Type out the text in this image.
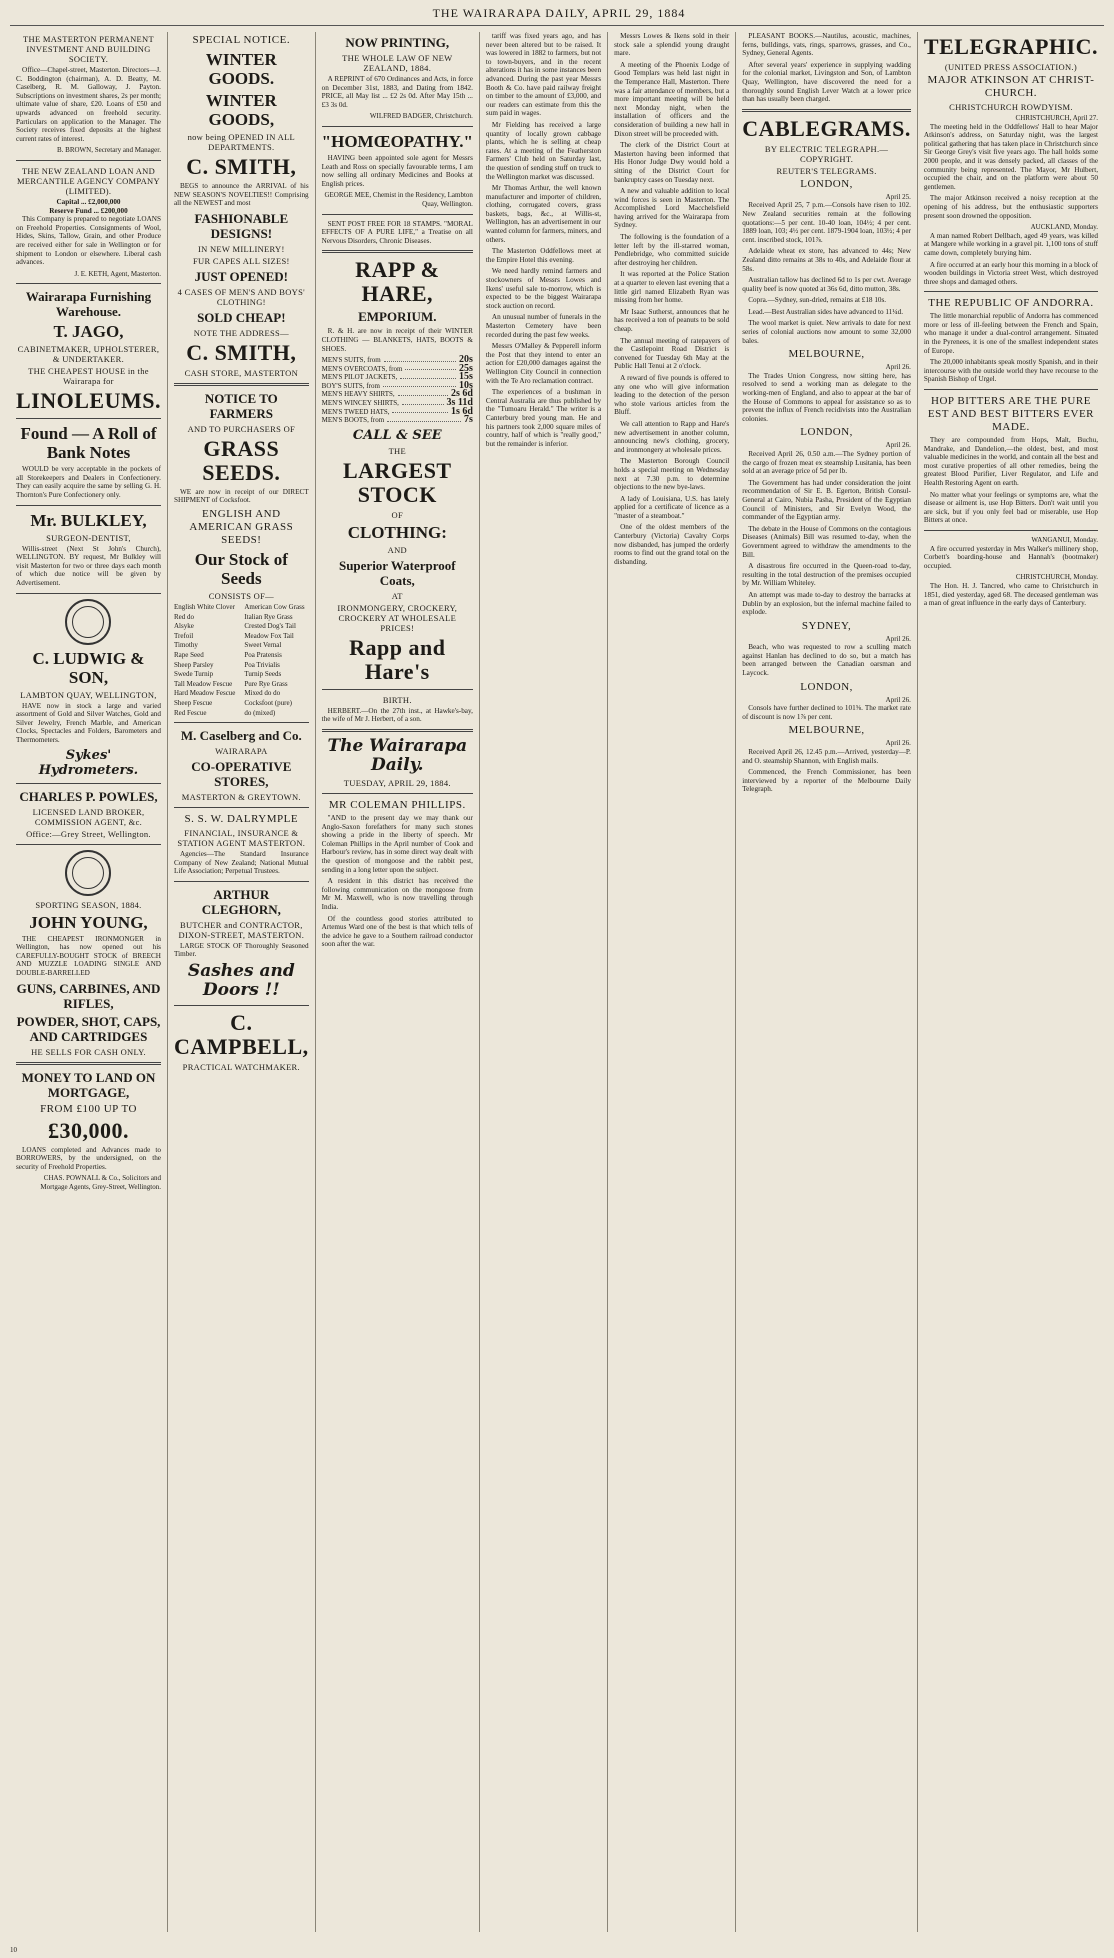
THE WAIRARAPA DAILY, APRIL 29, 1884
THE MASTERTON PERMANENT INVESTMENT AND BUILDING SOCIETY.

Office—Chapel-street, Masterton. Directors—J. C. Boddington (chairman), A. D. Beatty, M. Caselberg, R. M. Galloway, J. Payton. Subscriptions on investment shares, 2s per month; ultimate value of share, £20. Loans of £50 and upwards advanced on freehold security. Particulars on application to the Manager. The Society receives fixed deposits at the highest current rates of interest.

B. BROWN, Secretary and Manager.
THE NEW ZEALAND LOAN AND MERCANTILE AGENCY COMPANY (LIMITED).
Capital ... £2,000,000
Reserve Fund ... £200,000

This Company is prepared to negotiate LOANS on Freehold Properties. Consignments of Wool, Hides, Skins, Tallow, Grain, and other Produce are received either for sale in Wellington or for shipment to London or elsewhere. Liberal cash advances.

J. E. KETH, Agent, Masterton.
Wairarapa Furnishing Warehouse.
T. JAGO,
CABINETMAKER, UPHOLSTERER, & UNDERTAKER.
THE CHEAPEST HOUSE in the Wairarapa for
LINOLEUMS.
Found — A Roll of Bank Notes

WOULD be very acceptable in the pockets of all Storekeepers and Dealers in Confectionery. They can easily acquire the same by selling G. H. Thornton's Pure Confectionery only.

Mr. BULKLEY,
SURGEON-DENTIST,

Willis-street (Next St John's Church), WELLINGTON. BY request, Mr Bulkley will visit Masterton for two or three days each month of which due notice will be given by Advertisement.

C. LUDWIG & SON,
LAMBTON QUAY, WELLINGTON,

HAVE now in stock a large and varied assortment of Gold and Silver Watches, Gold and Silver Jewelry, French Marble, and American Clocks, Spectacles and Folders, Barometers and Thermometers.

Sykes' Hydrometers.
CHARLES P. POWLES,
LICENSED LAND BROKER, COMMISSION AGENT, &c.
Office:—Grey Street, Wellington.
SPORTING SEASON, 1884.
JOHN YOUNG,

THE CHEAPEST IRONMONGER in Wellington, has now opened out his CAREFULLY-BOUGHT STOCK of BREECH AND MUZZLE LOADING SINGLE AND DOUBLE-BARRELLED

GUNS, CARBINES, AND RIFLES,
POWDER, SHOT, CAPS, AND CARTRIDGES
HE SELLS FOR CASH ONLY.
MONEY TO LAND ON MORTGAGE,
FROM £100 UP TO
£30,000.

LOANS completed and Advances made to BORROWERS, by the undersigned, on the security of Freehold Properties.

CHAS. POWNALL & Co., Solicitors and Mortgage Agents, Grey-Street, Wellington.
SPECIAL NOTICE.
WINTER GOODS.
WINTER GOODS,
now being OPENED IN ALL DEPARTMENTS.
C. SMITH,

BEGS to announce the ARRIVAL of his NEW SEASON'S NOVELTIES!! Comprising all the NEWEST and most

FASHIONABLE DESIGNS!
IN NEW MILLINERY!
FUR CAPES ALL SIZES!
JUST OPENED!
4 CASES OF MEN'S AND BOYS' CLOTHING!
SOLD CHEAP!
NOTE THE ADDRESS—
C. SMITH,
CASH STORE, MASTERTON
NOTICE TO FARMERS
AND TO PURCHASERS OF
GRASS SEEDS.

WE are now in receipt of our DIRECT SHIPMENT of Cocksfoot.

ENGLISH AND AMERICAN GRASS SEEDS!
Our Stock of Seeds
CONSISTS OF—
English White Clover	American Cow Grass
Red do	Italian Rye Grass
Alsyke	Crested Dog's Tail
Trefoil	Meadow Fox Tail
Timothy	Sweet Vernal
Rape Seed	Poa Pratensis
Sheep Parsley	Poa Trivialis
Swede Turnip	Turnip Seeds
Tall Meadow Fescue	Pure Rye Grass
Hard Meadow Fescue	Mixed do do
Sheep Fescue	Cocksfoot (pure)
Red Fescue	do (mixed)
M. Caselberg and Co.
WAIRARAPA
CO-OPERATIVE STORES,
MASTERTON & GREYTOWN.
S. S. W. DALRYMPLE
FINANCIAL, INSURANCE & STATION AGENT MASTERTON.

Agencies—The Standard Insurance Company of New Zealand; National Mutual Life Association; Perpetual Trustees.

ARTHUR CLEGHORN,
BUTCHER and CONTRACTOR, DIXON-STREET, MASTERTON.

LARGE STOCK OF Thoroughly Seasoned Timber.

Sashes and Doors !!
C. CAMPBELL,
PRACTICAL WATCHMAKER.
NOW PRINTING,
THE WHOLE LAW OF NEW ZEALAND, 1884.

A REPRINT of 670 Ordinances and Acts, in force on December 31st, 1883, and Dating from 1842. PRICE, all May list ... £2 2s 0d. After May 15th ... £3 3s 0d.

WILFRED BADGER, Christchurch.
"HOMŒOPATHY."

HAVING been appointed sole agent for Messrs Leath and Ross on specially favourable terms, I am now selling all ordinary Medicines and Books at English prices.

GEORGE MEE, Chemist in the Residency, Lambton Quay, Wellington.

SENT POST FREE FOR 18 STAMPS. "MORAL EFFECTS OF A PURE LIFE," a Treatise on all Nervous Disorders, Chronic Diseases.

RAPP & HARE,
EMPORIUM.

R. & H. are now in receipt of their WINTER CLOTHING — BLANKETS, HATS, BOOTS & SHOES.

MEN'S SUITS, from	20s
MEN'S OVERCOATS, from	25s
MEN'S PILOT JACKETS,	15s
BOY'S SUITS, from	10s
MEN'S HEAVY SHIRTS,	2s 6d
MEN'S WINCEY SHIRTS,	3s 11d
MEN'S TWEED HATS,	1s 6d
MEN'S BOOTS, from	7s
CALL & SEE
THE
LARGEST STOCK
OF
CLOTHING:
AND
Superior Waterproof Coats,
AT
IRONMONGERY, CROCKERY, CROCKERY AT WHOLESALE PRICES!
Rapp and Hare's
BIRTH.

HERBERT.—On the 27th inst., at Hawke's-bay, the wife of Mr J. Herbert, of a son.

The Wairarapa Daily.
TUESDAY, APRIL 29, 1884.
MR COLEMAN PHILLIPS.

"AND to the present day we may thank our Anglo-Saxon forefathers for many such stones showing a pride in the liberty of speech. Mr Coleman Phillips in the April number of Cook and Harbour's review, has in some direct way dealt with the question of mongoose and the rabbit pest, sending in a long letter upon the subject.

A resident in this district has received the following communication on the mongoose from Mr M. Maxwell, who is now travelling through India.

Of the countless good stories attributed to Artemus Ward one of the best is that which tells of the advice he gave to a Southern railroad conductor soon after the war.

tariff was fixed years ago, and has never been altered but to be raised. It was lowered in 1882 to farmers, but not to town-buyers, and in the recent alterations it has in some instances been advanced. During the past year Messrs Booth & Co. have paid railway freight on timber to the amount of £3,000, and our readers can estimate from this the sum paid in wages.

Mr Fielding has received a large quantity of locally grown cabbage plants, which he is selling at cheap rates. At a meeting of the Featherston Farmers' Club held on Saturday last, the question of sending stuff on truck to the Wellington market was discussed.

Mr Thomas Arthur, the well known manufacturer and importer of children, clothing, corrugated covers, grass baskets, bags, &c., at Willis-st, Wellington, has an advertisement in our wanted column for farmers, miners, and others.

The Masterton Oddfellows meet at the Empire Hotel this evening.

We need hardly remind farmers and stockowners of Messrs Lowes and Ikens' useful sale to-morrow, which is expected to be the biggest Wairarapa stock auction on record.

An unusual number of funerals in the Masterton Cemetery have been recorded during the past few weeks.

Messrs O'Malley & Pepperell inform the Post that they intend to enter an action for £20,000 damages against the Wellington City Council in connection with the Te Aro reclamation contract.

The experiences of a bushman in Central Australia are thus published by the "Tumoaru Herald." The writer is a Canterbury bred young man. He and his partners took 2,000 square miles of country, half of which is "really good," but the remainder is inferior.

Messrs Lowes & Ikens sold in their stock sale a splendid young draught mare.

A meeting of the Phoenix Lodge of Good Templars was held last night in the Temperance Hall, Masterton. There was a fair attendance of members, but a more important meeting will be held next Monday night, when the installation of officers and the consideration of building a new hall in Dixon street will be proceeded with.

The clerk of the District Court at Masterton having been informed that His Honor Judge Dwy would hold a sitting of the District Court for bankruptcy cases on Tuesday next.

A new and valuable addition to local wind forces is seen in Masterton. The Accomplished Lord Macchelsfield having arrived for the Wairarapa from Sydney.

The following is the foundation of a letter left by the ill-starred woman, Pendlebridge, who committed suicide after destroying her children.

It was reported at the Police Station at a quarter to eleven last evening that a little girl named Elizabeth Ryan was missing from her home.

Mr Isaac Sutherst, announces that he has received a ton of peanuts to be sold cheap.

The annual meeting of ratepayers of the Castlepoint Road District is convened for Tuesday 6th May at the Public Hall Tenui at 2 o'clock.

A reward of five pounds is offered to any one who will give information leading to the detection of the person who stole various articles from the Bluff.

We call attention to Rapp and Hare's new advertisement in another column, announcing new's clothing, grocery, and ironmongery at wholesale prices.

The Masterton Borough Council holds a special meeting on Wednesday next at 7.30 p.m. to determine objections to the new bye-laws.

A lady of Louisiana, U.S. has lately applied for a certificate of licence as a "master of a steamboat."

One of the oldest members of the Canterbury (Victoria) Cavalry Corps now disbanded, has jumped the orderly rooms to find out the grand total on the disbanding.

PLEASANT BOOKS.—Nautilus, acoustic, machines, ferns, bulldings, vats, rings, sparrows, grasses, and Co., Sydney, General Agents.

After several years' experience in supplying wadding for the colonial market, Livingston and Son, of Lambton Quay, Wellington, have discovered the need for a thoroughly sound English Lever Watch at a lower price than has usually been charged.

CABLEGRAMS.
BY ELECTRIC TELEGRAPH.—COPYRIGHT.
REUTER'S TELEGRAMS.
LONDON,
April 25.

Received April 25, 7 p.m.—Consols have risen to 102. New Zealand securities remain at the following quotations:—5 per cent. 10-40 loan, 104½; 4 per cent. 1889 loan, 103; 4½ per cent. 1879-1904 loan, 103½; 4 per cent. inscribed stock, 101⅞.

Adelaide wheat ex store, has advanced to 44s; New Zealand ditto remains at 38s to 40s, and Adelaide flour at 58s.

Australian tallow has declined 6d to 1s per cwt. Average quality beef is now quoted at 36s 6d, ditto mutton, 38s.

Copra.—Sydney, sun-dried, remains at £18 10s.

Lead.—Best Australian sides have advanced to 11¼d.

The wool market is quiet. New arrivals to date for next series of colonial auctions now amount to some 32,000 bales.

MELBOURNE,
April 26.

The Trades Union Congress, now sitting here, has resolved to send a working man as delegate to the working-men of England, and also to appear at the bar of the House of Commons to appeal for assistance so as to prevent the influx of French recidivists into the Australian colonies.

LONDON,
April 26.

Received April 26, 0.50 a.m.—The Sydney portion of the cargo of frozen meat ex steamship Lusitania, has been sold at an average price of 5d per lb.

The Government has had under consideration the joint recommendation of Sir E. B. Egerton, British Consul-General at Cairo, Nubia Pasha, President of the Egyptian Council of Ministers, and Sir Evelyn Wood, the commander of the Egyptian army.

The debate in the House of Commons on the contagious Diseases (Animals) Bill was resumed to-day, when the Government agreed to withdraw the amendments to the Bill.

A disastrous fire occurred in the Queen-road to-day, resulting in the total destruction of the premises occupied by Mr. William Whiteley.

An attempt was made to-day to destroy the barracks at Dublin by an explosion, but the infernal machine failed to explode.

SYDNEY,
April 26.

Beach, who was requested to row a sculling match against Hanlan has declined to do so, but a match has been arranged between the Canadian oarsman and Laycock.

LONDON,
April 26.

Consols have further declined to 101⅝. The market rate of discount is now 1⅞ per cent.

MELBOURNE,
April 26.

Received April 26, 12.45 p.m.—Arrived, yesterday—P. and O. steamship Shannon, with English mails.

Commenced, the French Commissioner, has been interviewed by a reporter of the Melbourne Daily Telegraph.

TELEGRAPHIC.
(UNITED PRESS ASSOCIATION.)
MAJOR ATKINSON AT CHRIST-CHURCH.
CHRISTCHURCH ROWDYISM.
CHRISTCHURCH, April 27.

The meeting held in the Oddfellows' Hall to hear Major Atkinson's address, on Saturday night, was the largest political gathering that has taken place in Christchurch since Sir George Grey's visit five years ago. The hall holds some 2000 people, and it was densely packed, all classes of the community being represented. The Mayor, Mr Hulbert, occupied the chair, and on the platform were about 50 gentlemen.

The major Atkinson received a noisy reception at the opening of his address, but the enthusiastic supporters present soon drowned the opposition.

AUCKLAND, Monday.

A man named Robert Dellbach, aged 49 years, was killed at Mangere while working in a gravel pit. 1,100 tons of stuff came down, completely burying him.

A fire occurred at an early hour this morning in a block of wooden buildings in Victoria street West, which destroyed three shops and damaged others.

THE REPUBLIC OF ANDORRA.

The little monarchial republic of Andorra has commenced more or less of ill-feeling between the French and Spain, who manage it under a dual-control arrangement. Situated in the Pyrenees, it is one of the smallest independent states of Europe.

The 20,000 inhabitants speak mostly Spanish, and in their intercourse with the outside world they have recourse to the Spanish Bishop of Urgel.

HOP BITTERS ARE THE PURE EST AND BEST BITTERS EVER MADE.

They are compounded from Hops, Malt, Buchu, Mandrake, and Dandelion,—the oldest, best, and most valuable medicines in the world, and contain all the best and most curative properties of all other remedies, being the greatest Blood Purifier, Liver Regulator, and Life and Health Restoring Agent on earth.

No matter what your feelings or symptoms are, what the disease or ailment is, use Hop Bitters. Don't wait until you are sick, but if you only feel bad or miserable, use Hop Bitters at once.

WANGANUI, Monday.

A fire occurred yesterday in Mrs Walker's millinery shop, Corbett's boarding-house and Hannah's (bootmaker) occupied.

CHRISTCHURCH, Monday.

The Hon. H. J. Tancred, who came to Christchurch in 1851, died yesterday, aged 68. The deceased gentleman was a man of great influence in the early days of Canterbury.

10
